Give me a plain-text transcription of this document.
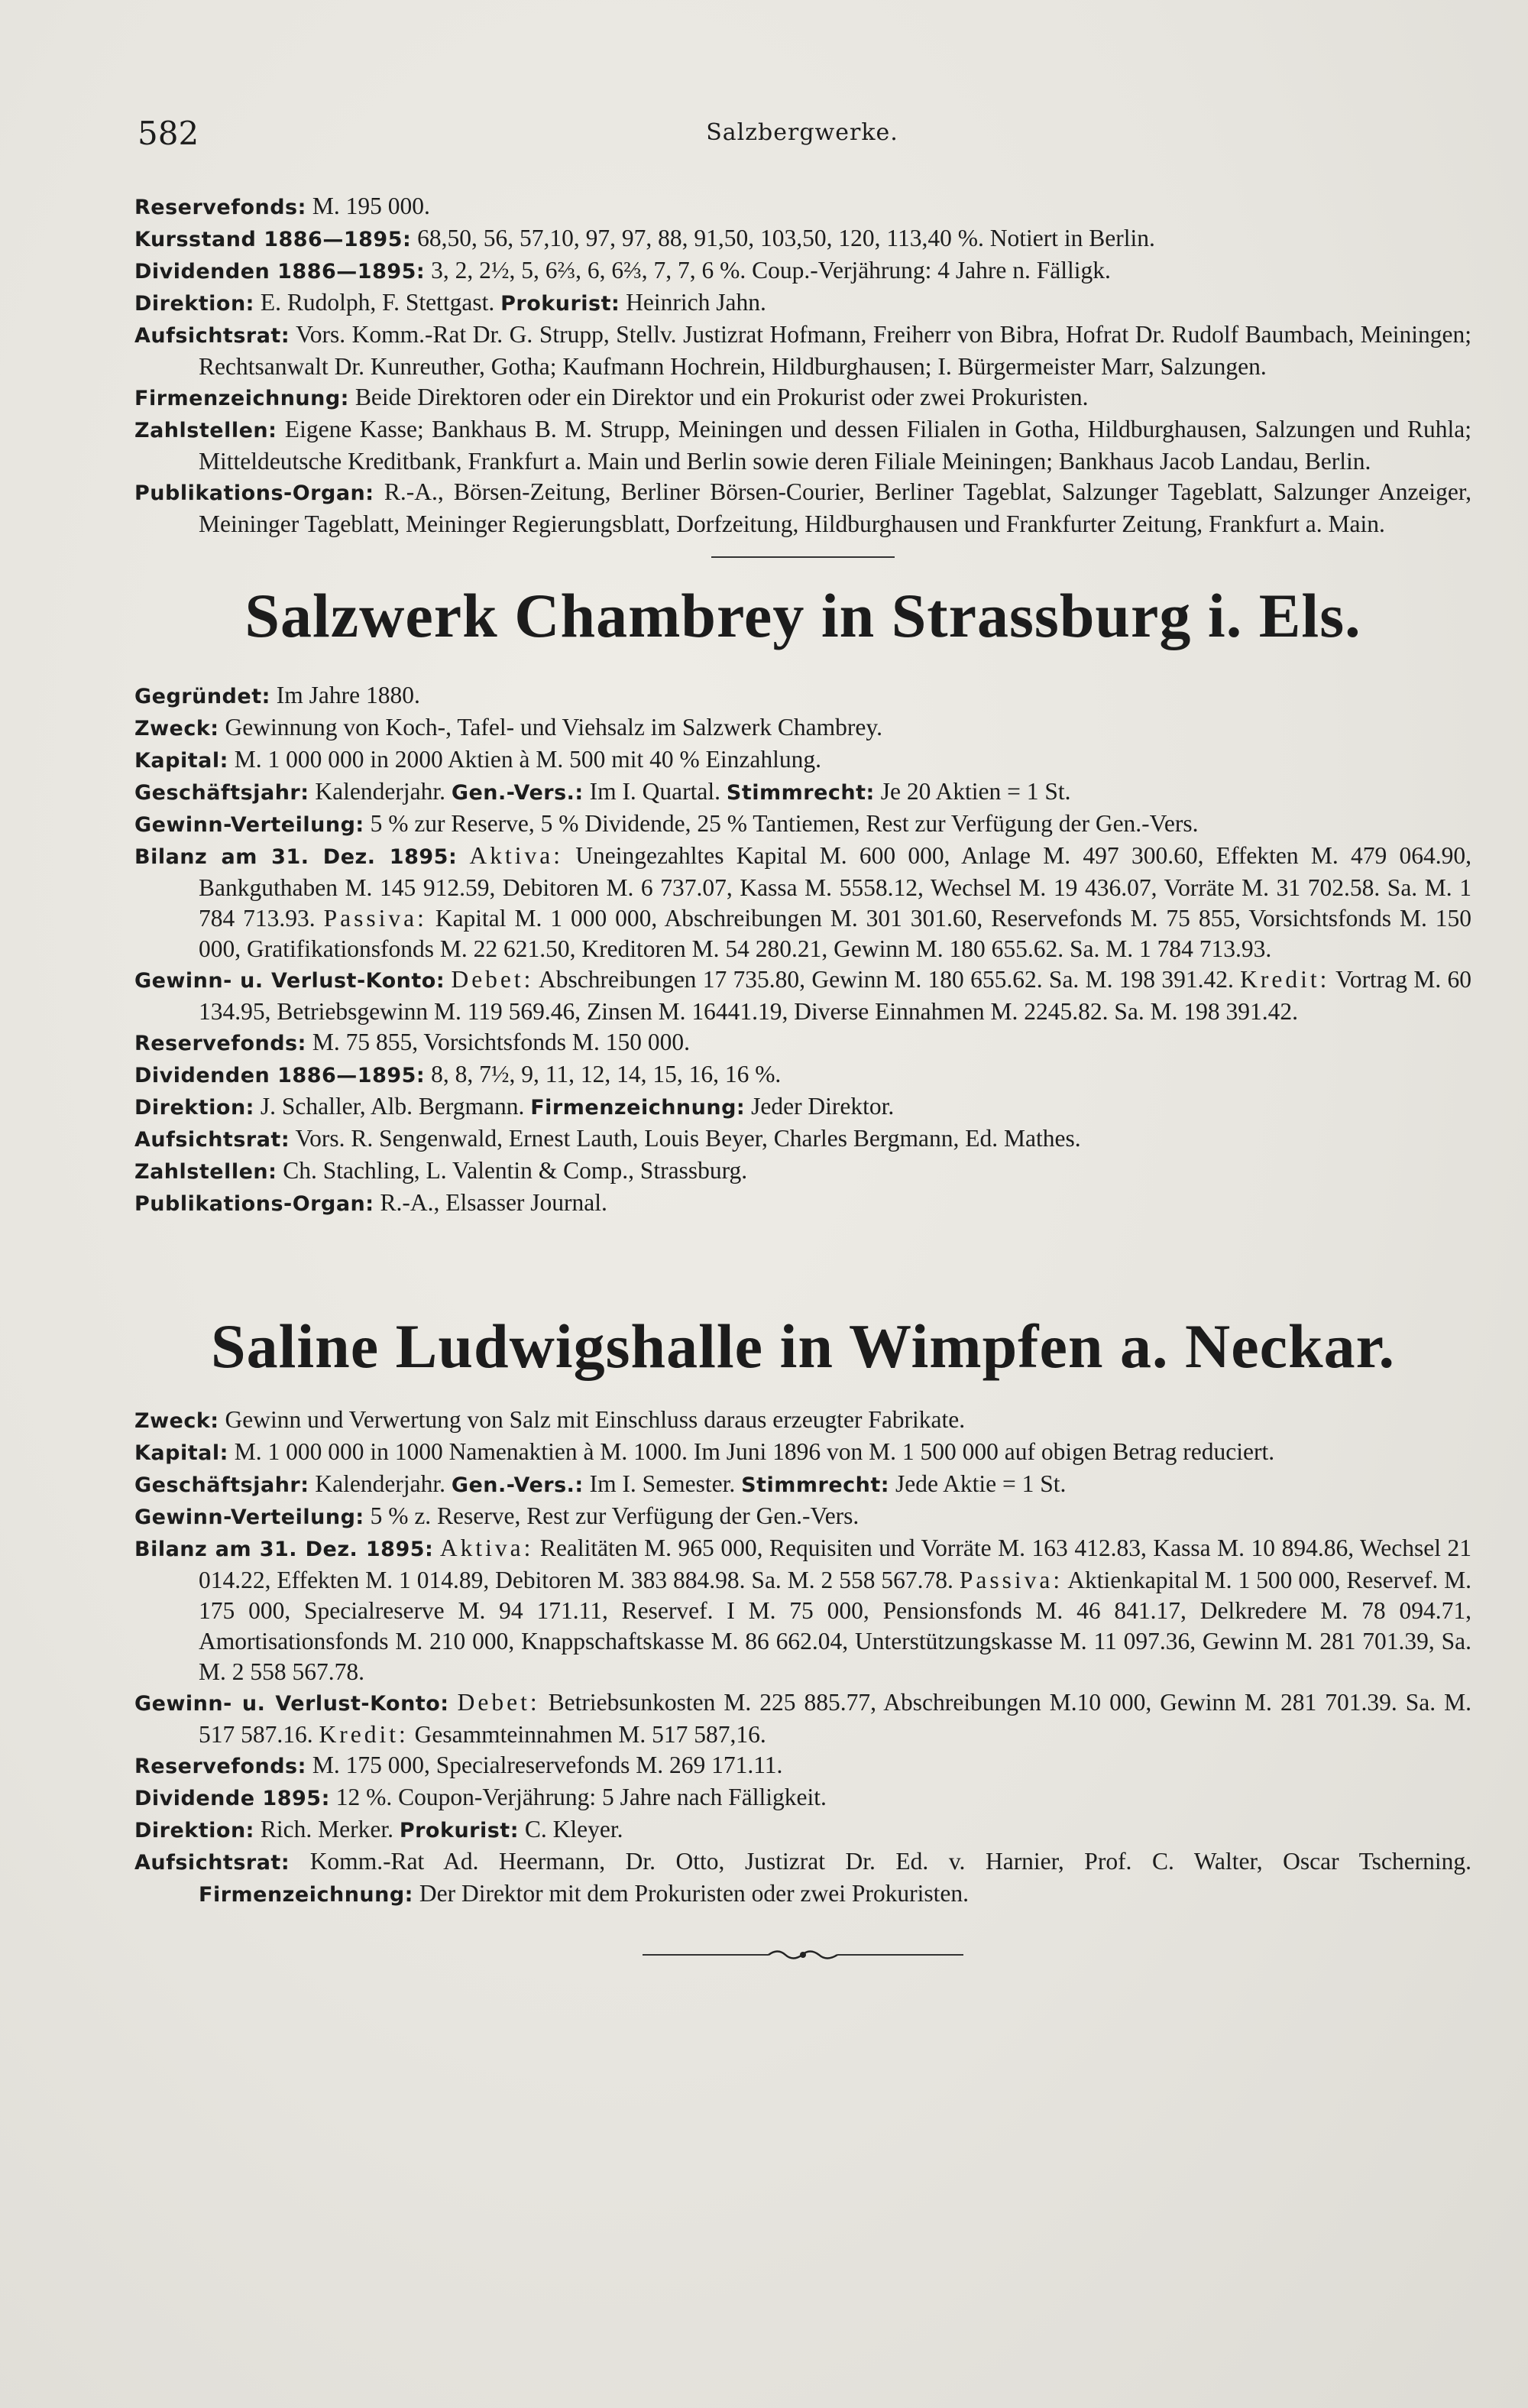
582	Salzbergwerke.

Reservefonds: M. 195 000.

Kursstand 1886—1895: 68,50, 56, 57,10, 97, 97, 88, 91,50, 103,50, 120, 113,40 %. Notiert in Berlin.

Dividenden 1886—1895: 3, 2, 2½, 5, 6⅔, 6, 6⅔, 7, 7, 6 %. Coup.-Verjährung: 4 Jahre n. Fälligk.

Direktion: E. Rudolph, F. Stettgast. Prokurist: Heinrich Jahn.

Aufsichtsrat: Vors. Komm.-Rat Dr. G. Strupp, Stellv. Justizrat Hofmann, Freiherr von Bibra, Hofrat Dr. Rudolf Baumbach, Meiningen; Rechtsanwalt Dr. Kunreuther, Gotha; Kaufmann Hochrein, Hildburghausen; I. Bürgermeister Marr, Salzungen.

Firmenzeichnung: Beide Direktoren oder ein Direktor und ein Prokurist oder zwei Prokuristen.

Zahlstellen: Eigene Kasse; Bankhaus B. M. Strupp, Meiningen und dessen Filialen in Gotha, Hildburghausen, Salzungen und Ruhla; Mitteldeutsche Kreditbank, Frankfurt a. Main und Berlin sowie deren Filiale Meiningen; Bankhaus Jacob Landau, Berlin.

Publikations-Organ: R.-A., Börsen-Zeitung, Berliner Börsen-Courier, Berliner Tageblat, Salzunger Tageblatt, Salzunger Anzeiger, Meininger Tageblatt, Meininger Regierungsblatt, Dorfzeitung, Hildburghausen und Frankfurter Zeitung, Frankfurt a. Main.

Salzwerk Chambrey in Strassburg i. Els.

Gegründet: Im Jahre 1880.

Zweck: Gewinnung von Koch-, Tafel- und Viehsalz im Salzwerk Chambrey.

Kapital: M. 1 000 000 in 2000 Aktien à M. 500 mit 40 % Einzahlung.

Geschäftsjahr: Kalenderjahr. Gen.-Vers.: Im I. Quartal. Stimmrecht: Je 20 Aktien = 1 St.

Gewinn-Verteilung: 5 % zur Reserve, 5 % Dividende, 25 % Tantiemen, Rest zur Verfügung der Gen.-Vers.

Bilanz am 31. Dez. 1895: Aktiva: Uneingezahltes Kapital M. 600 000, Anlage M. 497 300.60, Effekten M. 479 064.90, Bankguthaben M. 145 912.59, Debitoren M. 6 737.07, Kassa M. 5558.12, Wechsel M. 19 436.07, Vorräte M. 31 702.58. Sa. M. 1 784 713.93. Passiva: Kapital M. 1 000 000, Abschreibungen M. 301 301.60, Reservefonds M. 75 855, Vorsichtsfonds M. 150 000, Gratifikationsfonds M. 22 621.50, Kreditoren M. 54 280.21, Gewinn M. 180 655.62. Sa. M. 1 784 713.93.

Gewinn- u. Verlust-Konto: Debet: Abschreibungen 17 735.80, Gewinn M. 180 655.62. Sa. M. 198 391.42. Kredit: Vortrag M. 60 134.95, Betriebsgewinn M. 119 569.46, Zinsen M. 16441.19, Diverse Einnahmen M. 2245.82. Sa. M. 198 391.42.

Reservefonds: M. 75 855, Vorsichtsfonds M. 150 000.

Dividenden 1886—1895: 8, 8, 7½, 9, 11, 12, 14, 15, 16, 16 %.

Direktion: J. Schaller, Alb. Bergmann. Firmenzeichnung: Jeder Direktor.

Aufsichtsrat: Vors. R. Sengenwald, Ernest Lauth, Louis Beyer, Charles Bergmann, Ed. Mathes.

Zahlstellen: Ch. Stachling, L. Valentin & Comp., Strassburg.

Publikations-Organ: R.-A., Elsasser Journal.

Saline Ludwigshalle in Wimpfen a. Neckar.

Zweck: Gewinn und Verwertung von Salz mit Einschluss daraus erzeugter Fabrikate.

Kapital: M. 1 000 000 in 1000 Namenaktien à M. 1000. Im Juni 1896 von M. 1 500 000 auf obigen Betrag reduciert.

Geschäftsjahr: Kalenderjahr. Gen.-Vers.: Im I. Semester. Stimmrecht: Jede Aktie = 1 St.

Gewinn-Verteilung: 5 % z. Reserve, Rest zur Verfügung der Gen.-Vers.

Bilanz am 31. Dez. 1895: Aktiva: Realitäten M. 965 000, Requisiten und Vorräte M. 163 412.83, Kassa M. 10 894.86, Wechsel 21 014.22, Effekten M. 1 014.89, Debitoren M. 383 884.98. Sa. M. 2 558 567.78. Passiva: Aktienkapital M. 1 500 000, Reservef. M. 175 000, Specialreserve M. 94 171.11, Reservef. I M. 75 000, Pensionsfonds M. 46 841.17, Delkredere M. 78 094.71, Amortisationsfonds M. 210 000, Knappschaftskasse M. 86 662.04, Unterstützungskasse M. 11 097.36, Gewinn M. 281 701.39, Sa. M. 2 558 567.78.

Gewinn- u. Verlust-Konto: Debet: Betriebsunkosten M. 225 885.77, Abschreibungen M.10 000, Gewinn M. 281 701.39. Sa. M. 517 587.16. Kredit: Gesammteinnahmen M. 517 587,16.

Reservefonds: M. 175 000, Specialreservefonds M. 269 171.11.

Dividende 1895: 12 %. Coupon-Verjährung: 5 Jahre nach Fälligkeit.

Direktion: Rich. Merker. Prokurist: C. Kleyer.

Aufsichtsrat: Komm.-Rat Ad. Heermann, Dr. Otto, Justizrat Dr. Ed. v. Harnier, Prof. C. Walter, Oscar Tscherning. Firmenzeichnung: Der Direktor mit dem Prokuristen oder zwei Prokuristen.
